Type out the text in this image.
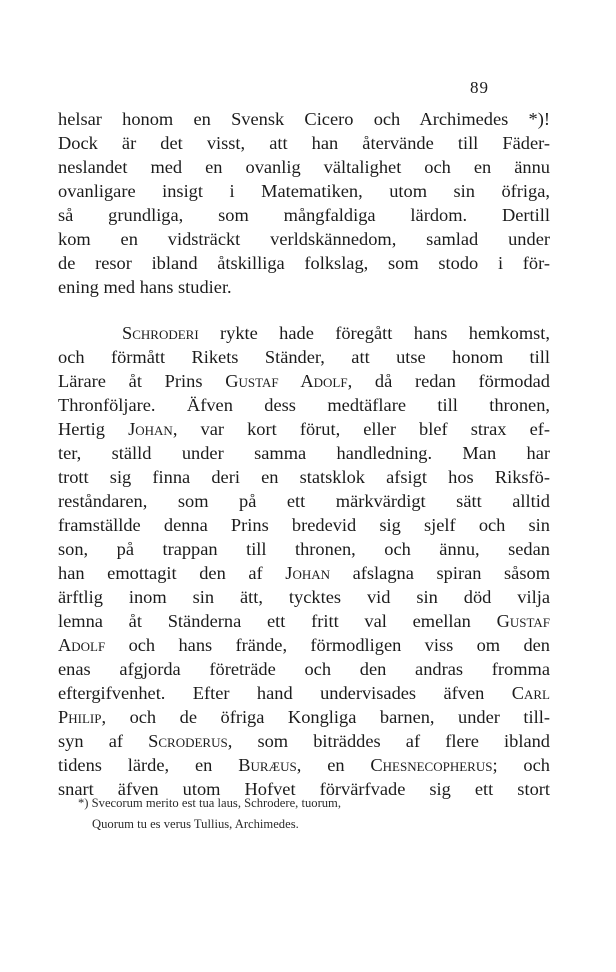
89
helsar honom en Svensk Cicero och Archimedes *)!
Dock är det visst, att han återvände till Fäder-
neslandet med en ovanlig vältalighet och en ännu
ovanligare insigt i Matematiken, utom sin öfriga,
så grundliga, som mångfaldiga lärdom. Dertill
kom en vidsträckt verldskännedom, samlad under
de resor ibland åtskilliga folkslag, som stodo i för-
ening med hans studier.
Schroderi rykte hade föregått hans hemkomst,
och förmått Rikets Ständer, att utse honom till
Lärare åt Prins Gustaf Adolf, då redan förmodad
Thronföljare. Äfven dess medtäflare till thronen,
Hertig Johan, var kort förut, eller blef strax ef-
ter, ställd under samma handledning. Man har
trott sig finna deri en statsklok afsigt hos Riksfö-
reståndaren, som på ett märkvärdigt sätt alltid
framställde denna Prins bredevid sig sjelf och sin
son, på trappan till thronen, och ännu, sedan
han emottagit den af Johan afslagna spiran såsom
ärftlig inom sin ätt, tycktes vid sin död vilja
lemna åt Ständerna ett fritt val emellan Gustaf
Adolf och hans frände, förmodligen viss om den
enas afgjorda företräde och den andras fromma
eftergifvenhet. Efter hand undervisades äfven Carl
Philip, och de öfriga Kongliga barnen, under till-
syn af Scroderus, som biträddes af flere ibland
tidens lärde, en Buræus, en Chesnecopherus; och
snart äfven utom Hofvet förvärfvade sig ett stort
*) Svecorum merito est tua laus, Schrodere, tuorum,
Quorum tu es verus Tullius, Archimedes.
